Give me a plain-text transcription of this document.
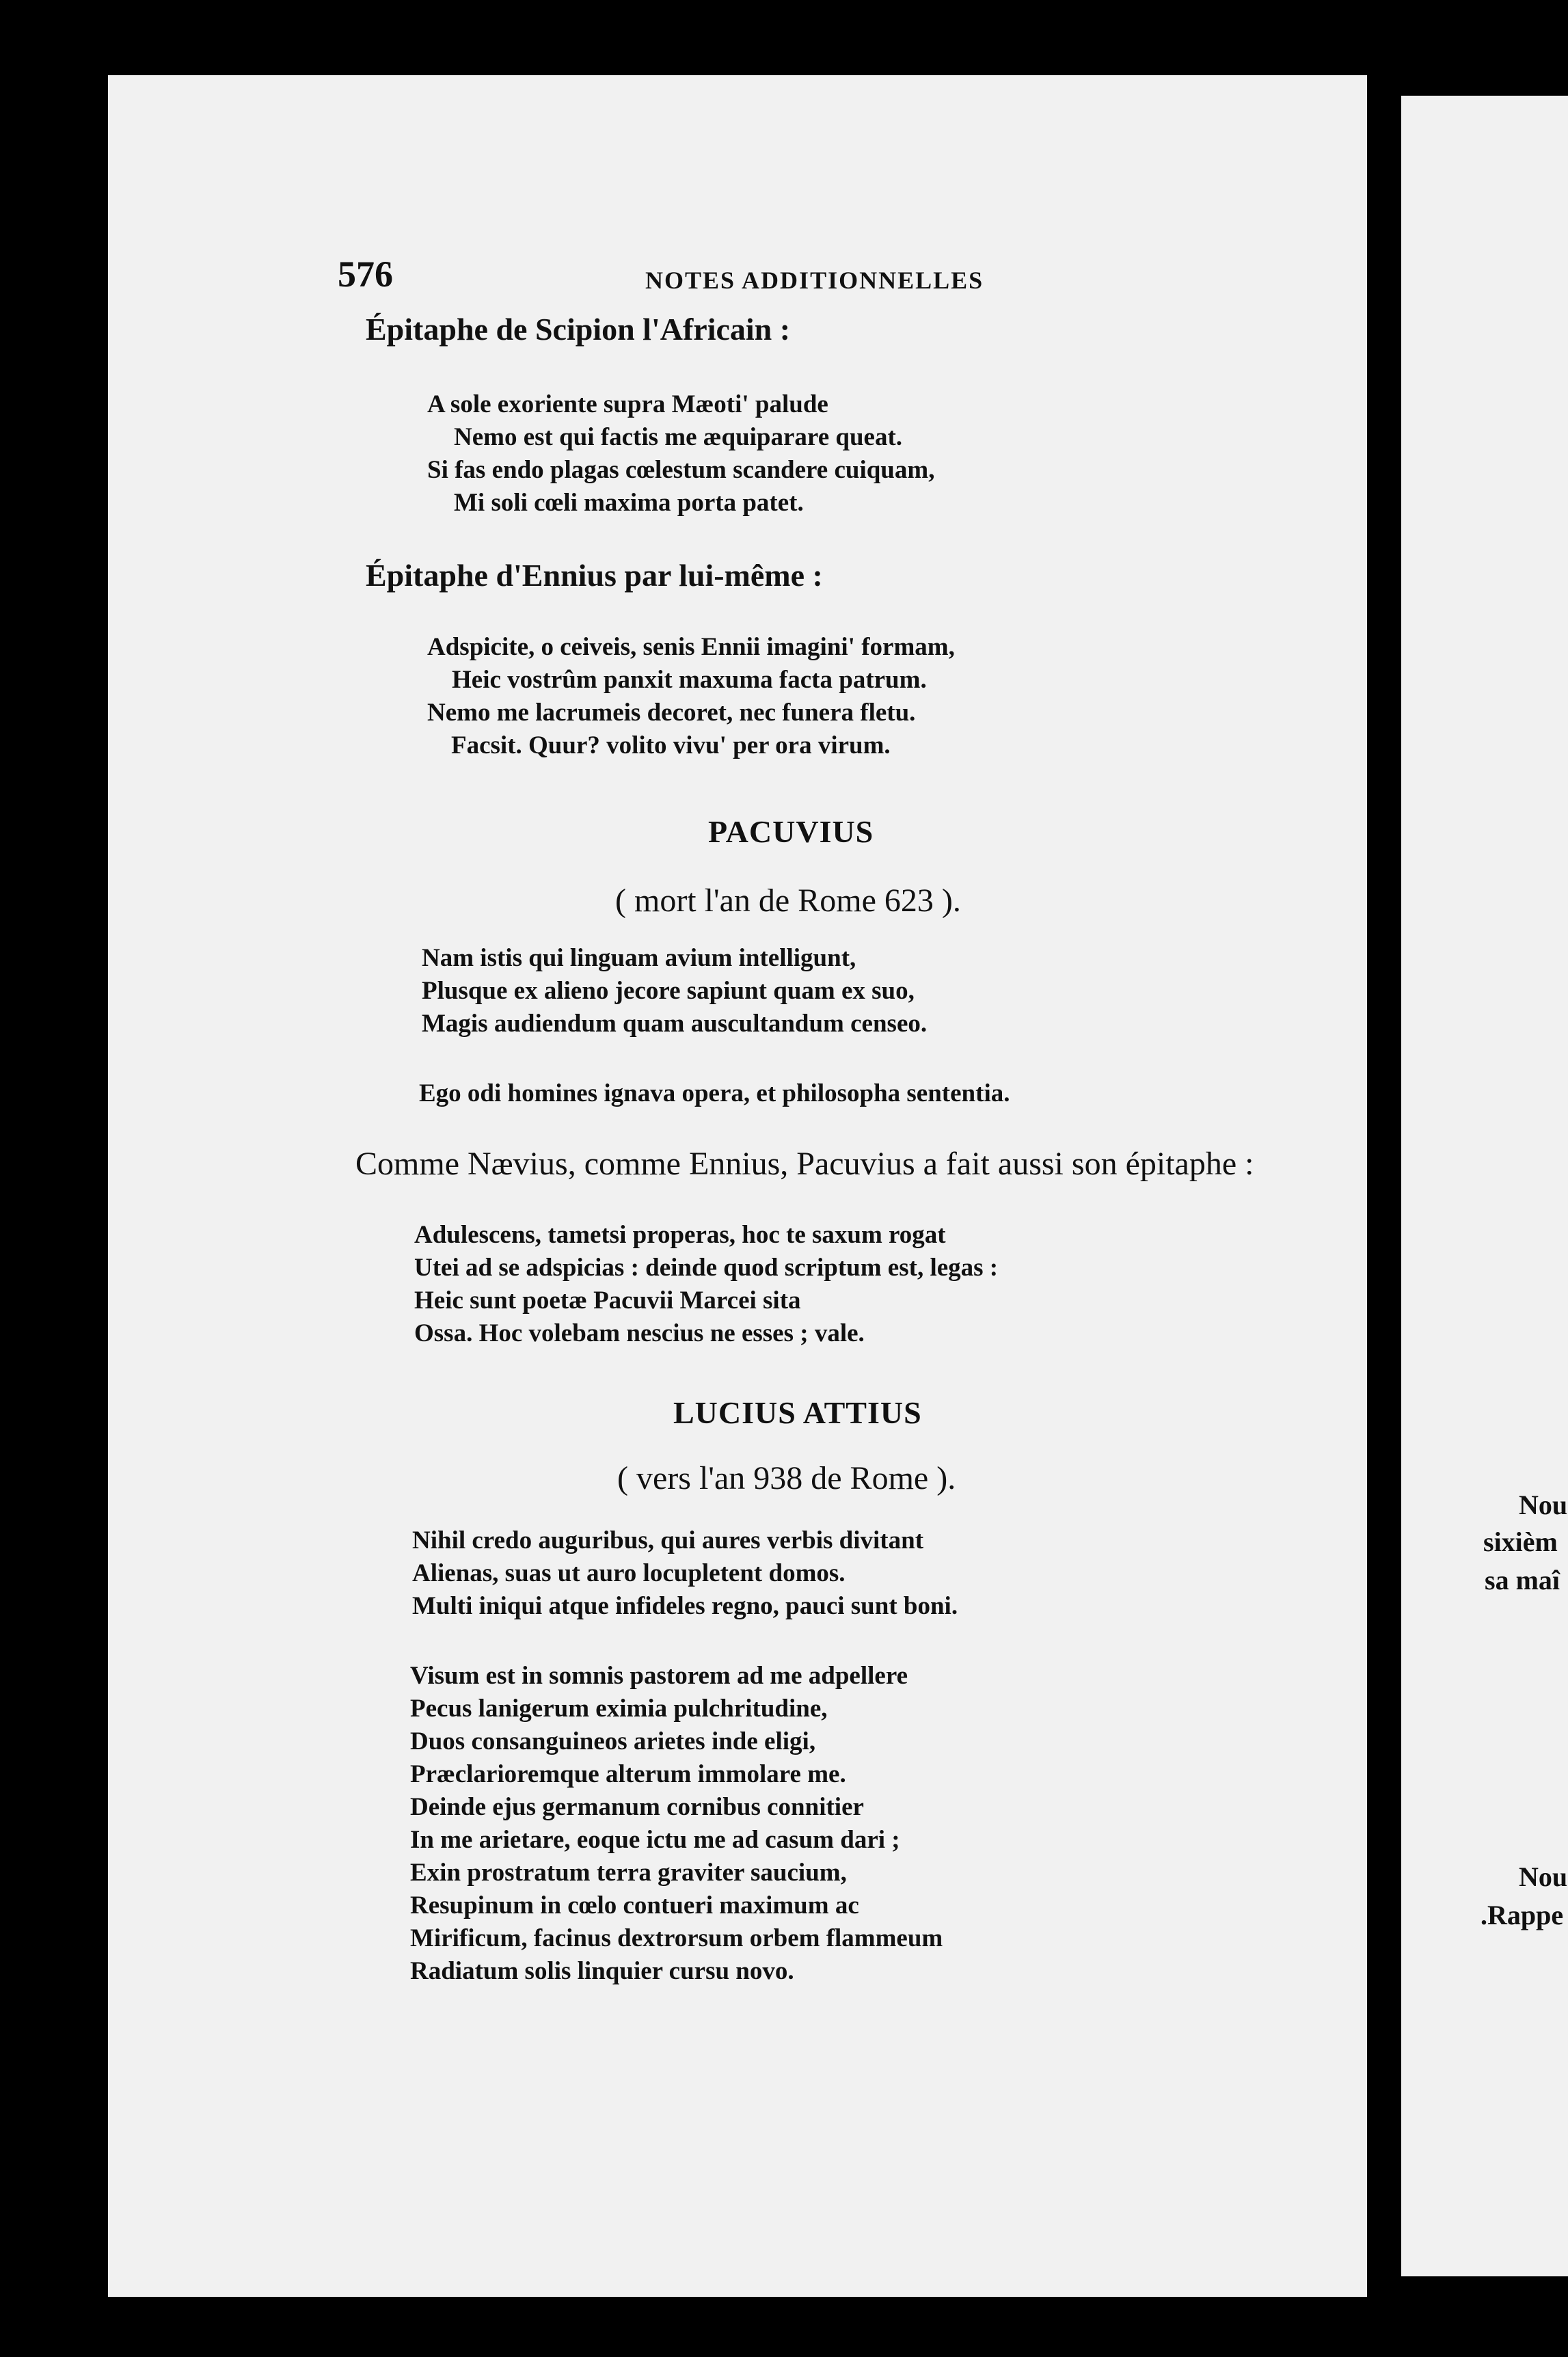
576	NOTES ADDITIONNELLES
Épitaphe de Scipion l'Africain :
A sole exoriente supra Mæoti' palude
Nemo est qui factis me æquiparare queat.
Si fas endo plagas cœlestum scandere cuiquam,
Mi soli cœli maxima porta patet.
Épitaphe d'Ennius par lui-même :
Adspicite, o ceiveis, senis Ennii imagini' formam,
Heic vostrûm panxit maxuma facta patrum.
Nemo me lacrumeis decoret, nec funera fletu.
Facsit. Quur? volito vivu' per ora virum.
PACUVIUS
( mort l'an de Rome 623 ).
Nam istis qui linguam avium intelligunt,
Plusque ex alieno jecore sapiunt quam ex suo,
Magis audiendum quam auscultandum censeo.
Ego odi homines ignava opera, et philosopha sententia.
Comme Nævius, comme Ennius, Pacuvius a fait aussi son épitaphe :
Adulescens, tametsi properas, hoc te saxum rogat
Utei ad se adspicias : deinde quod scriptum est, legas :
Heic sunt poetæ Pacuvii Marcei sita
Ossa. Hoc volebam nescius ne esses ; vale.
LUCIUS ATTIUS
( vers l'an 938 de Rome ).
Nihil credo auguribus, qui aures verbis divitant
Alienas, suas ut auro locupletent domos.
Multi iniqui atque infideles regno, pauci sunt boni.
Visum est in somnis pastorem ad me adpellere
Pecus lanigerum eximia pulchritudine,
Duos consanguineos arietes inde eligi,
Præclarioremque alterum immolare me.
Deinde ejus germanum cornibus connitier
In me arietare, eoque ictu me ad casum dari ;
Exin prostratum terra graviter saucium,
Resupinum in cœlo contueri maximum ac
Mirificum, facinus dextrorsum orbem flammeum
Radiatum solis linquier cursu novo.
Nou
sixièm
sa maî
Nou
.Rappe
